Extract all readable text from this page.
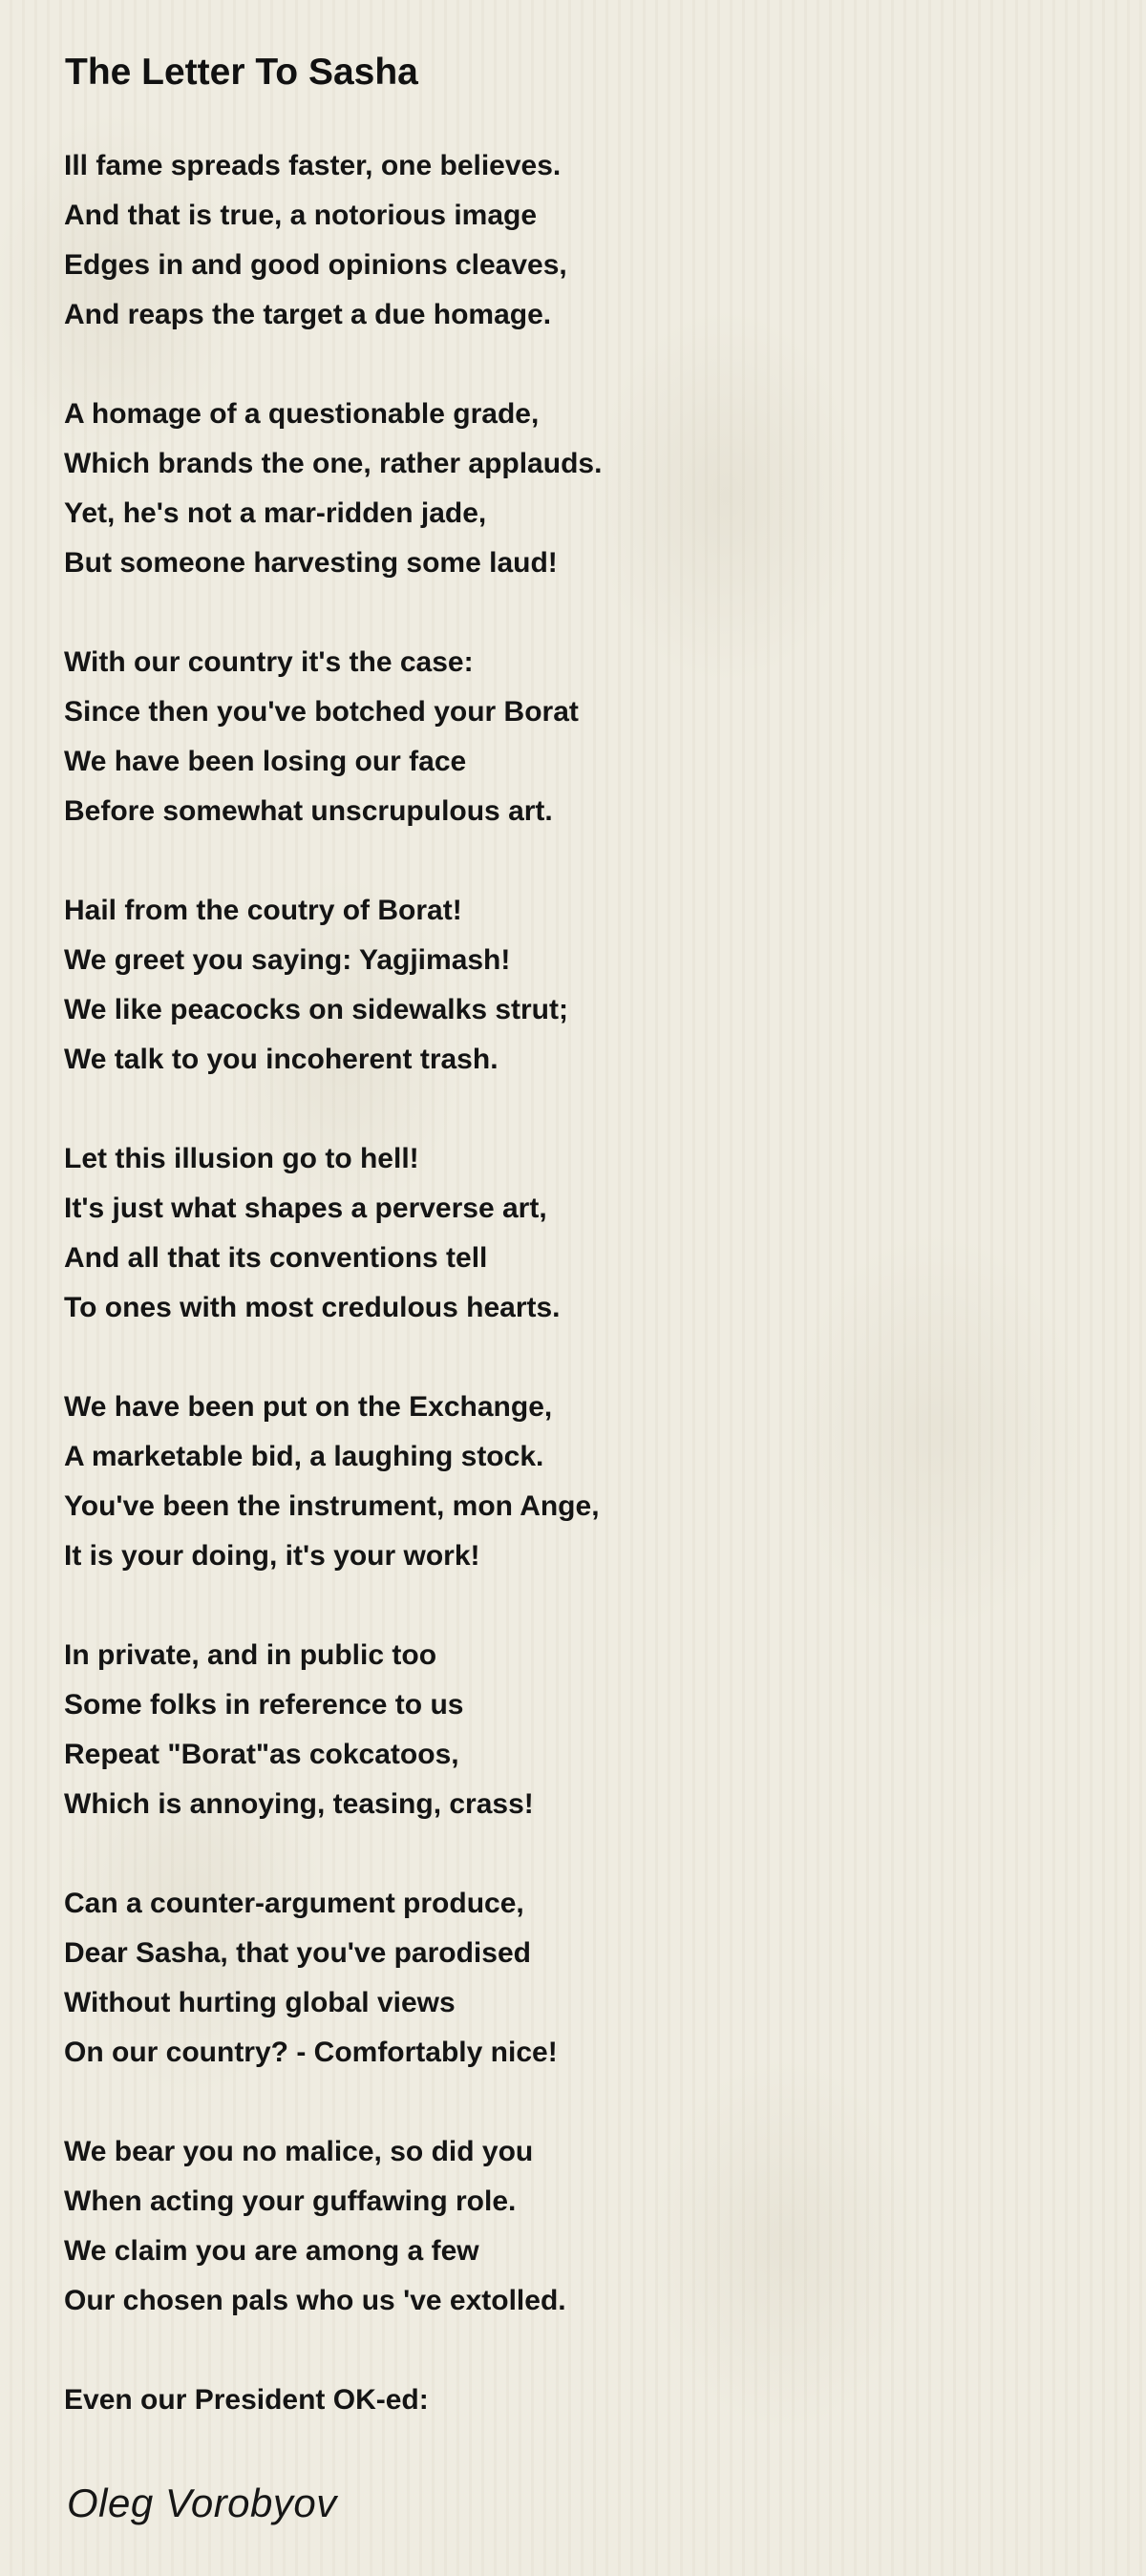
The Letter To Sasha
Ill fame spreads faster, one believes.
And that is true, a notorious image
Edges in and good opinions cleaves,
And reaps the target a due homage.
A homage of a questionable grade,
Which brands the one, rather applauds.
Yet, he's not a mar-ridden jade,
But someone harvesting some laud!
With our country it's the case:
Since then you've botched your Borat
We have been losing our face
Before somewhat unscrupulous art.
Hail from the coutry of Borat!
We greet you saying: Yagjimash!
We like peacocks on sidewalks strut;
We talk to you incoherent trash.
Let this illusion go to hell!
It's just what shapes a perverse art,
And all that its conventions tell
To ones with most credulous hearts.
We have been put on the Exchange,
A marketable bid, a laughing stock.
You've been the instrument, mon Ange,
It is your doing, it's your work!
In private, and in public too
Some folks in reference to us
Repeat "Borat"as cokcatoos,
Which is annoying, teasing, crass!
Can a counter-argument produce,
Dear Sasha, that you've parodised
Without hurting global views
On our country? - Comfortably nice!
We bear you no malice, so did you
When acting your guffawing role.
We claim you are among a few
Our chosen pals who us 've extolled.
Even our President OK-ed:
Oleg Vorobyov
